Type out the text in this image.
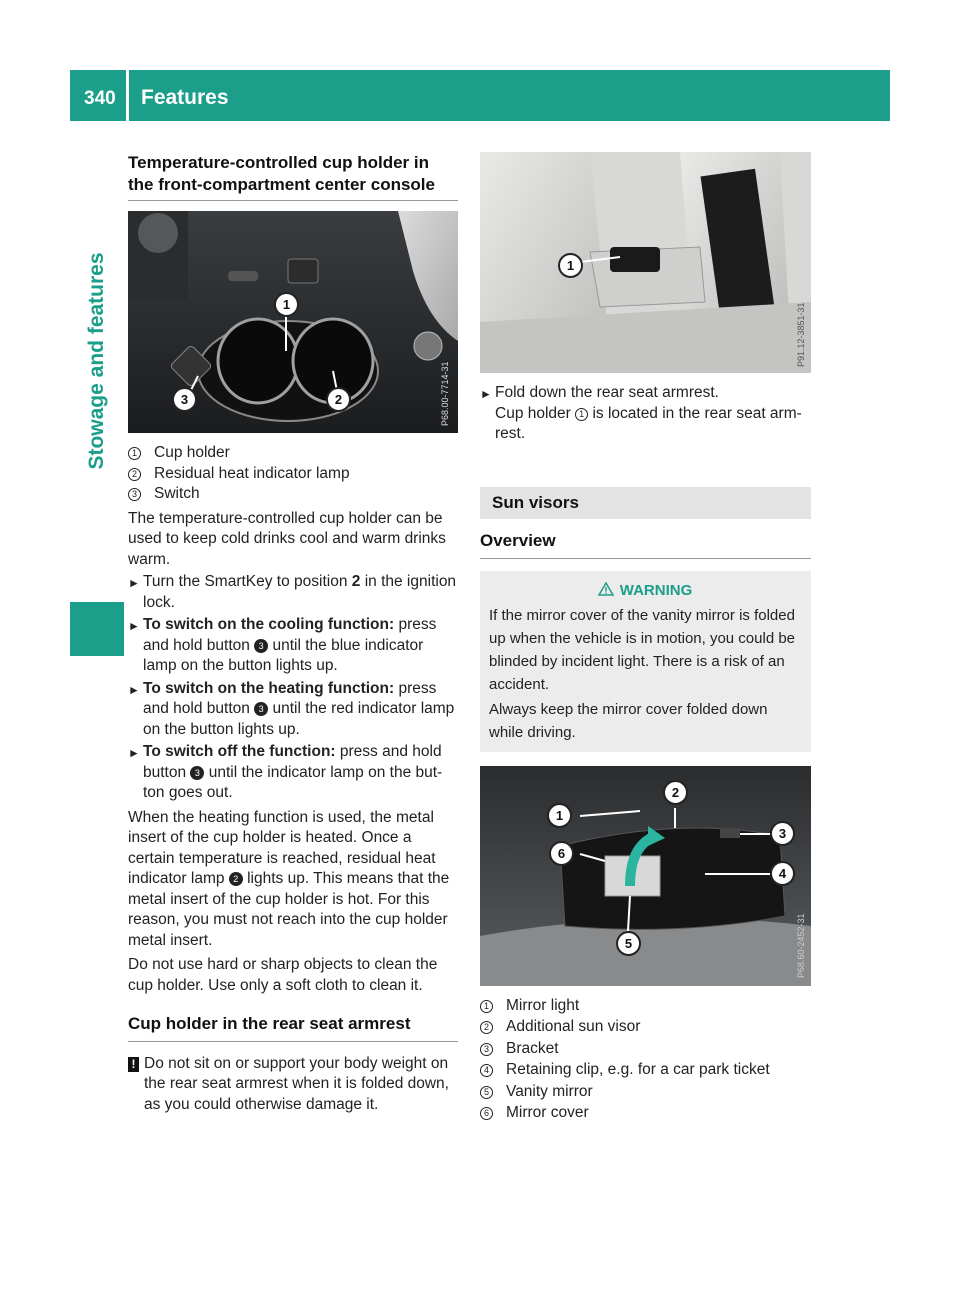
340 Features
Stowage and features
Temperature-controlled cup holder in the front-compartment center console
P68.00-7714-31
1
2
3
1	Cup holder
2	Residual heat indicator lamp
3	Switch

The temperature-controlled cup holder can be used to keep cold drinks cool and warm drinks warm.

► Turn the SmartKey to position 2 in the ignition lock.
► To switch on the cooling function: press and hold button 3 until the blue indicator lamp on the button lights up.
► To switch on the heating function: press and hold button 3 until the red indicator lamp on the button lights up.
► To switch off the function: press and hold button 3 until the indicator lamp on the but-ton goes out.

When the heating function is used, the metal insert of the cup holder is heated. Once a certain temperature is reached, residual heat indicator lamp 2 lights up. This means that the metal insert of the cup holder is hot. For this reason, you must not reach into the cup holder metal insert.

Do not use hard or sharp objects to clean the cup holder. Use only a soft cloth to clean it.

Cup holder in the rear seat armrest
! Do not sit on or support your body weight on the rear seat armrest when it is folded down, as you could otherwise damage it.
P91.12-3851-31
1
► Fold down the rear seat armrest.
Cup holder 1 is located in the rear seat arm-rest.
Sun visors
Overview
WARNING

If the mirror cover of the vanity mirror is folded up when the vehicle is in motion, you could be blinded by incident light. There is a risk of an accident.

Always keep the mirror cover folded down while driving.

P68.60-2452-31
1
2
3
4
5
6
1	Mirror light
2	Additional sun visor
3	Bracket
4	Retaining clip, e.g. for a car park ticket
5	Vanity mirror
6	Mirror cover
